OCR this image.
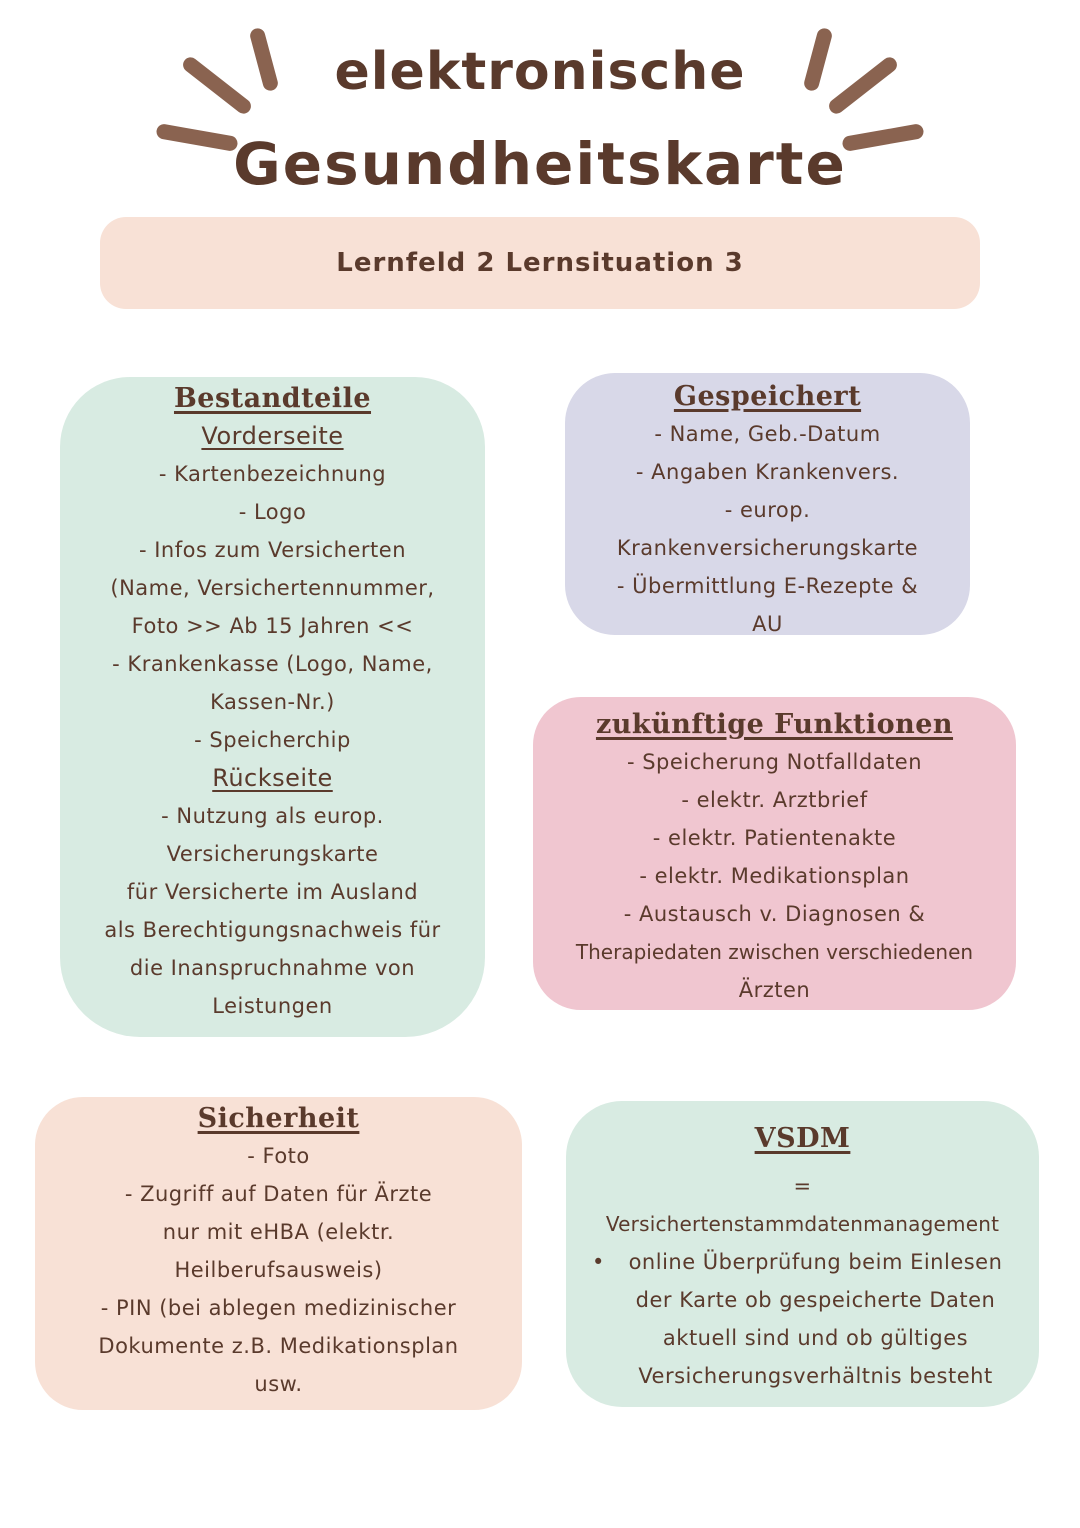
elektronische
Gesundheitskarte
Lernfeld 2 Lernsituation 3
Bestandteile
Vorderseite
- Kartenbezeichnung
- Logo
- Infos zum Versicherten
(Name, Versichertennummer,
Foto >> Ab 15 Jahren <<
- Krankenkasse (Logo, Name,
Kassen-Nr.)
- Speicherchip
Rückseite
- Nutzung als europ.
Versicherungskarte
für Versicherte im Ausland
als Berechtigungsnachweis für
die Inanspruchnahme von
Leistungen
Gespeichert
- Name, Geb.-Datum
- Angaben Krankenvers.
- europ.
Krankenversicherungskarte
- Übermittlung E-Rezepte &
AU
zukünftige Funktionen
- Speicherung Notfalldaten
- elektr. Arztbrief
- elektr. Patientenakte
- elektr. Medikationsplan
- Austausch v. Diagnosen &
Therapiedaten zwischen verschiedenen
Ärzten
Sicherheit
- Foto
- Zugriff auf Daten für Ärzte
nur mit eHBA (elektr.
Heilberufsausweis)
- PIN (bei ablegen medizinischer
Dokumente z.B. Medikationsplan
usw.
VSDM
=
Versichertenstammdatenmanagement
•	online Überprüfung beim Einlesen
der Karte ob gespeicherte Daten
aktuell sind und ob gültiges
Versicherungsverhältnis besteht
